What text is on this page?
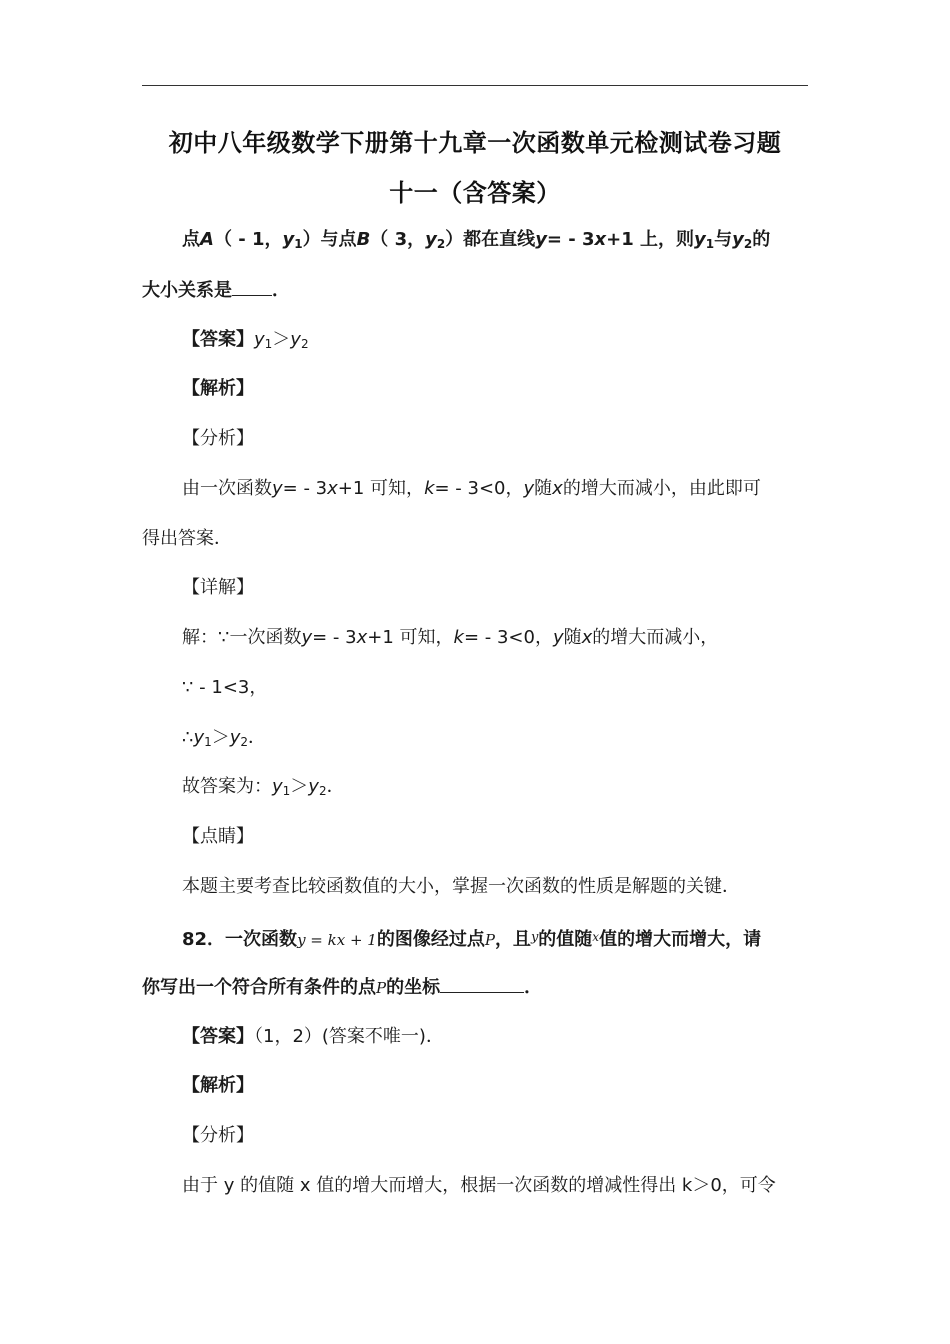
初中八年级数学下册第十九章一次函数单元检测试卷习题
十一（含答案）
点A（ - 1，$y_1$）与点B（ 3，$y_2$）都在直线y= - 3x+1 上，则$y_1$与$y_2$的
大小关系是 ．
【答案】$y_1>y_2$
【解析】
【分析】
由一次函数y= - 3x+1 可知，k= - 3<0，y随x的增大而减小，由此即可
得出答案．
【详解】
解：∵一次函数y= - 3x+1 可知，k= - 3<0，y随x的增大而减小，
∵ - 1<3，
$\therefore y_1>y_2$．
故答案为：$y_1>y_2$．
【点睛】
本题主要考查比较函数值的大小，掌握一次函数的性质是解题的关键．
82．一次函数y = kx + 1的图像经过点P，且$^y$的值随$^x$值的增大而增大，请
你写出一个符合所有条件的点P的坐标	．
【答案】（1，2）(答案不唯一)．
【解析】
【分析】
由于 y 的值随 x 值的增大而增大，根据一次函数的增减性得出 k＞0，可令
